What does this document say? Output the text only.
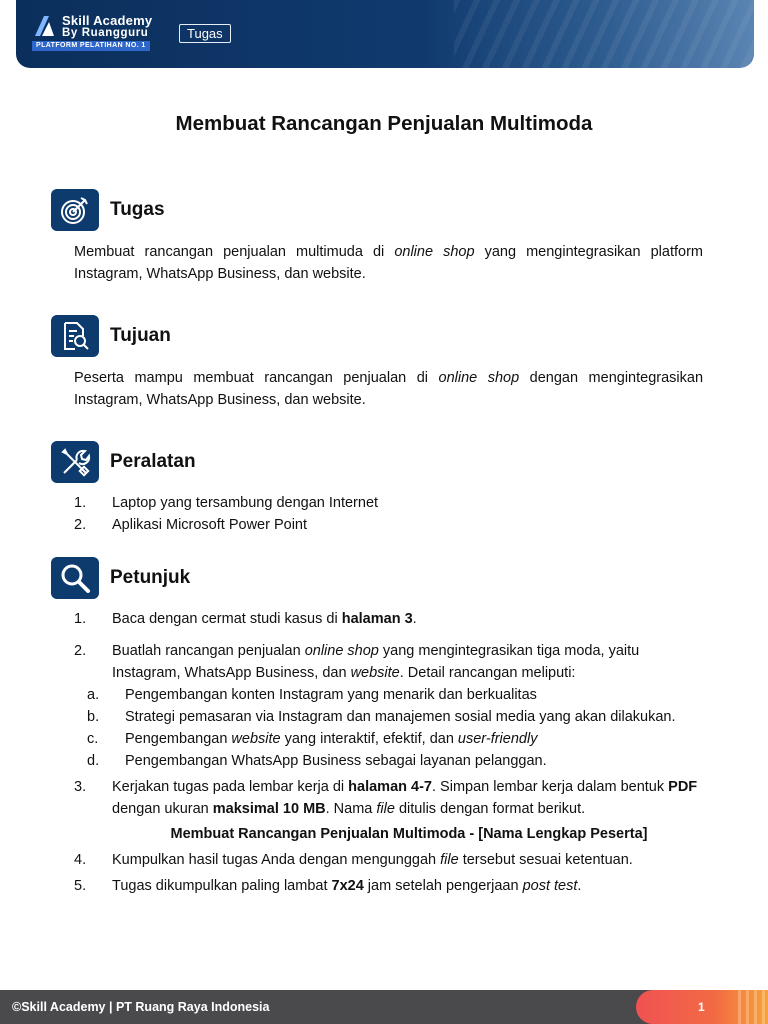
Skill Academy
By Ruangguru
PLATFORM PELATIHAN NO. 1
Tugas
Membuat Rancangan Penjualan Multimoda
Tugas
Membuat rancangan penjualan multimuda di online shop yang mengintegrasikan platform Instagram, WhatsApp Business, dan website.
Tujuan
Peserta mampu membuat rancangan penjualan di online shop dengan mengintegrasikan Instagram, WhatsApp Business, dan website.
Peralatan
1. Laptop yang tersambung dengan Internet
2. Aplikasi Microsoft Power Point
Petunjuk
1. Baca dengan cermat studi kasus di halaman 3.
2. Buatlah rancangan penjualan online shop yang mengintegrasikan tiga moda, yaitu Instagram, WhatsApp Business, dan website. Detail rancangan meliputi:
a. Pengembangan konten Instagram yang menarik dan berkualitas
b. Strategi pemasaran via Instagram dan manajemen sosial media yang akan dilakukan.
c. Pengembangan website yang interaktif, efektif, dan user-friendly
d. Pengembangan WhatsApp Business sebagai layanan pelanggan.
3. Kerjakan tugas pada lembar kerja di halaman 4-7. Simpan lembar kerja dalam bentuk PDF dengan ukuran maksimal 10 MB. Nama file ditulis dengan format berikut.
Membuat Rancangan Penjualan Multimoda - [Nama Lengkap Peserta]
4. Kumpulkan hasil tugas Anda dengan mengunggah file tersebut sesuai ketentuan.
5. Tugas dikumpulkan paling lambat 7x24 jam setelah pengerjaan post test.
©Skill Academy | PT Ruang Raya Indonesia	1
